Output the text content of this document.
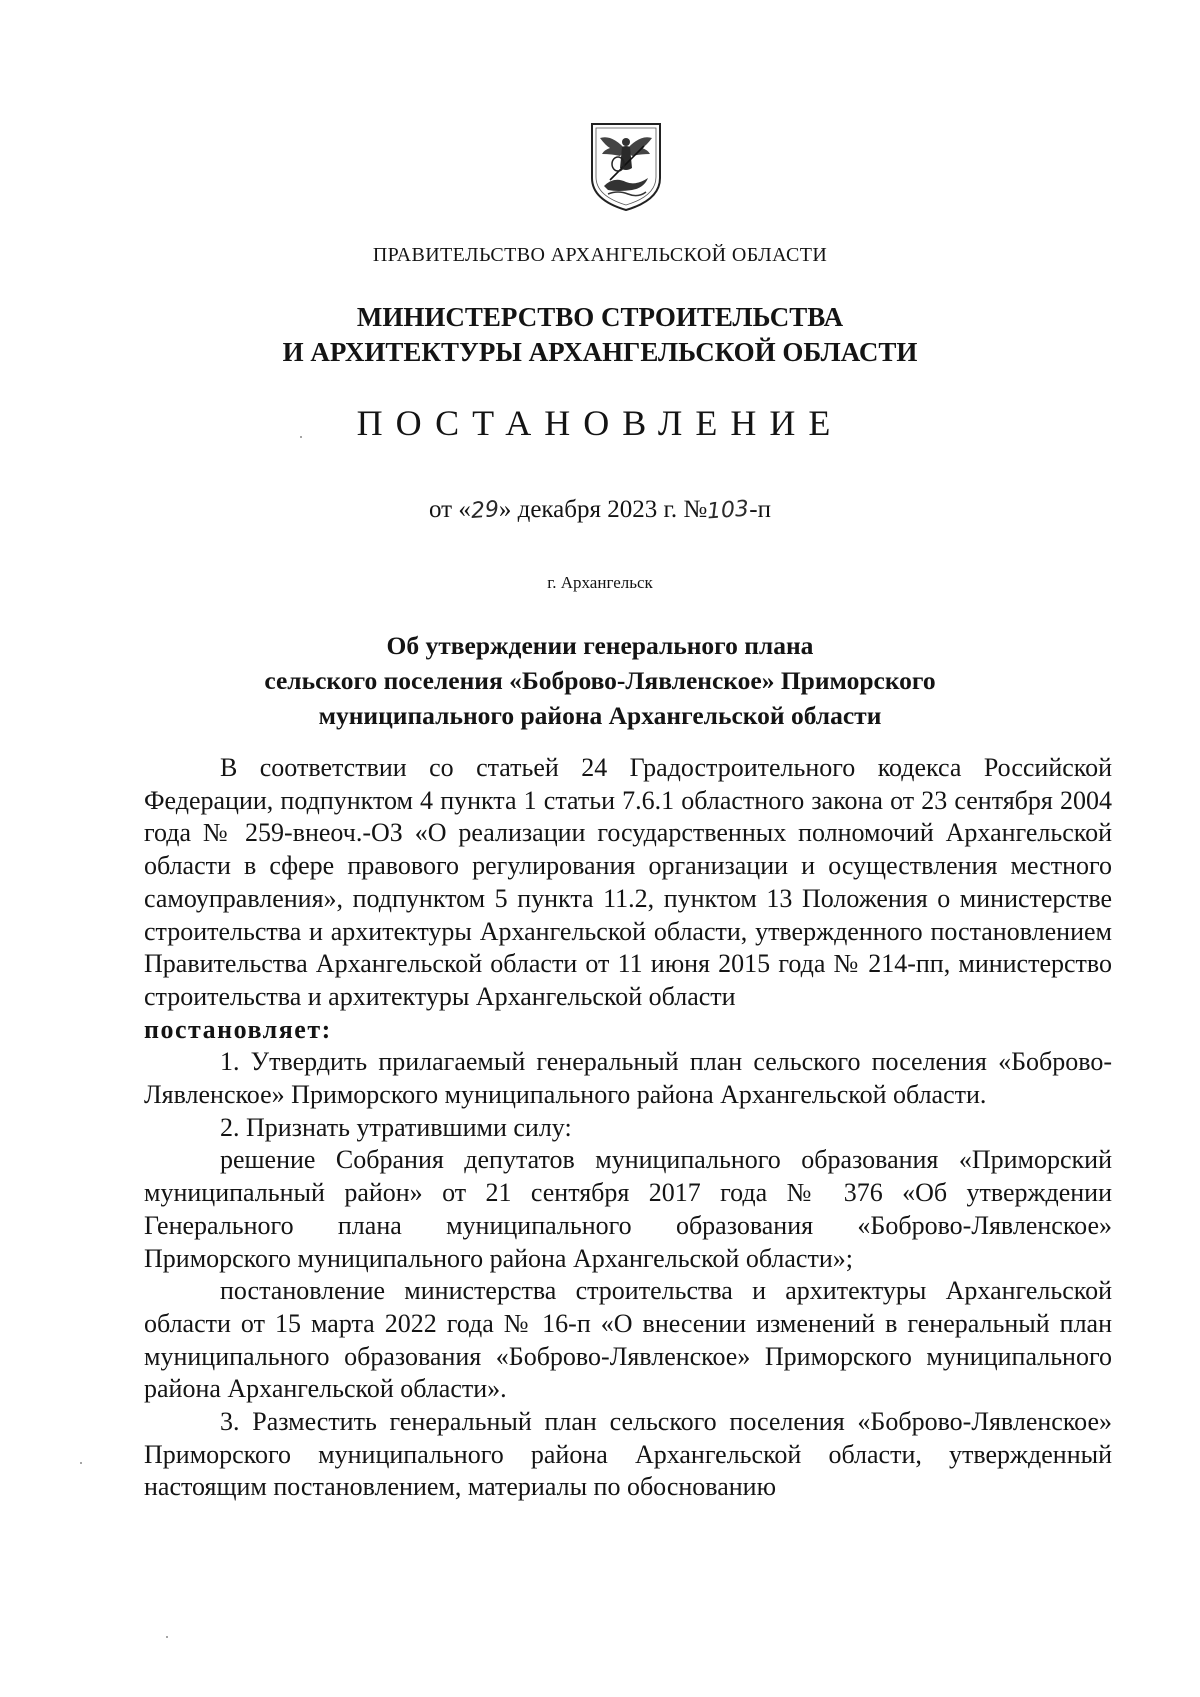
ПРАВИТЕЛЬСТВО АРХАНГЕЛЬСКОЙ ОБЛАСТИ
МИНИСТЕРСТВО СТРОИТЕЛЬСТВА
И АРХИТЕКТУРЫ АРХАНГЕЛЬСКОЙ ОБЛАСТИ
ПОСТАНОВЛЕНИЕ
от «29» декабря 2023 г. №103-п
г. Архангельск
Об утверждении генерального плана
сельского поселения «Боброво-Лявленское» Приморского
муниципального района Архангельской области

В соответствии со статьей 24 Градостроительного кодекса Российской Федерации, подпунктом 4 пункта 1 статьи 7.6.1 областного закона от 23 сентября 2004 года № 259-внеоч.-ОЗ «О реализации государственных полномочий Архангельской области в сфере правового регулирования организации и осуществления местного самоуправления», подпунктом 5 пункта 11.2, пунктом 13 Положения о министерстве строительства и архитектуры Архангельской области, утвержденного постановлением Правительства Архангельской области от 11 июня 2015 года № 214-пп, министерство строительства и архитектуры Архангельской области

постановляет:

1. Утвердить прилагаемый генеральный план сельского поселения «Боброво-Лявленское» Приморского муниципального района Архангельской области.

2. Признать утратившими силу:

решение Собрания депутатов муниципального образования «Приморский муниципальный район» от 21 сентября 2017 года № 376 «Об утверждении Генерального плана муниципального образования «Боброво-Лявленское» Приморского муниципального района Архангельской области»;

постановление министерства строительства и архитектуры Архангельской области от 15 марта 2022 года № 16-п «О внесении изменений в генеральный план муниципального образования «Боброво-Лявленское» Приморского муниципального района Архангельской области».

3. Разместить генеральный план сельского поселения «Боброво-Лявленское» Приморского муниципального района Архангельской области, утвержденный настоящим постановлением, материалы по обоснованию
